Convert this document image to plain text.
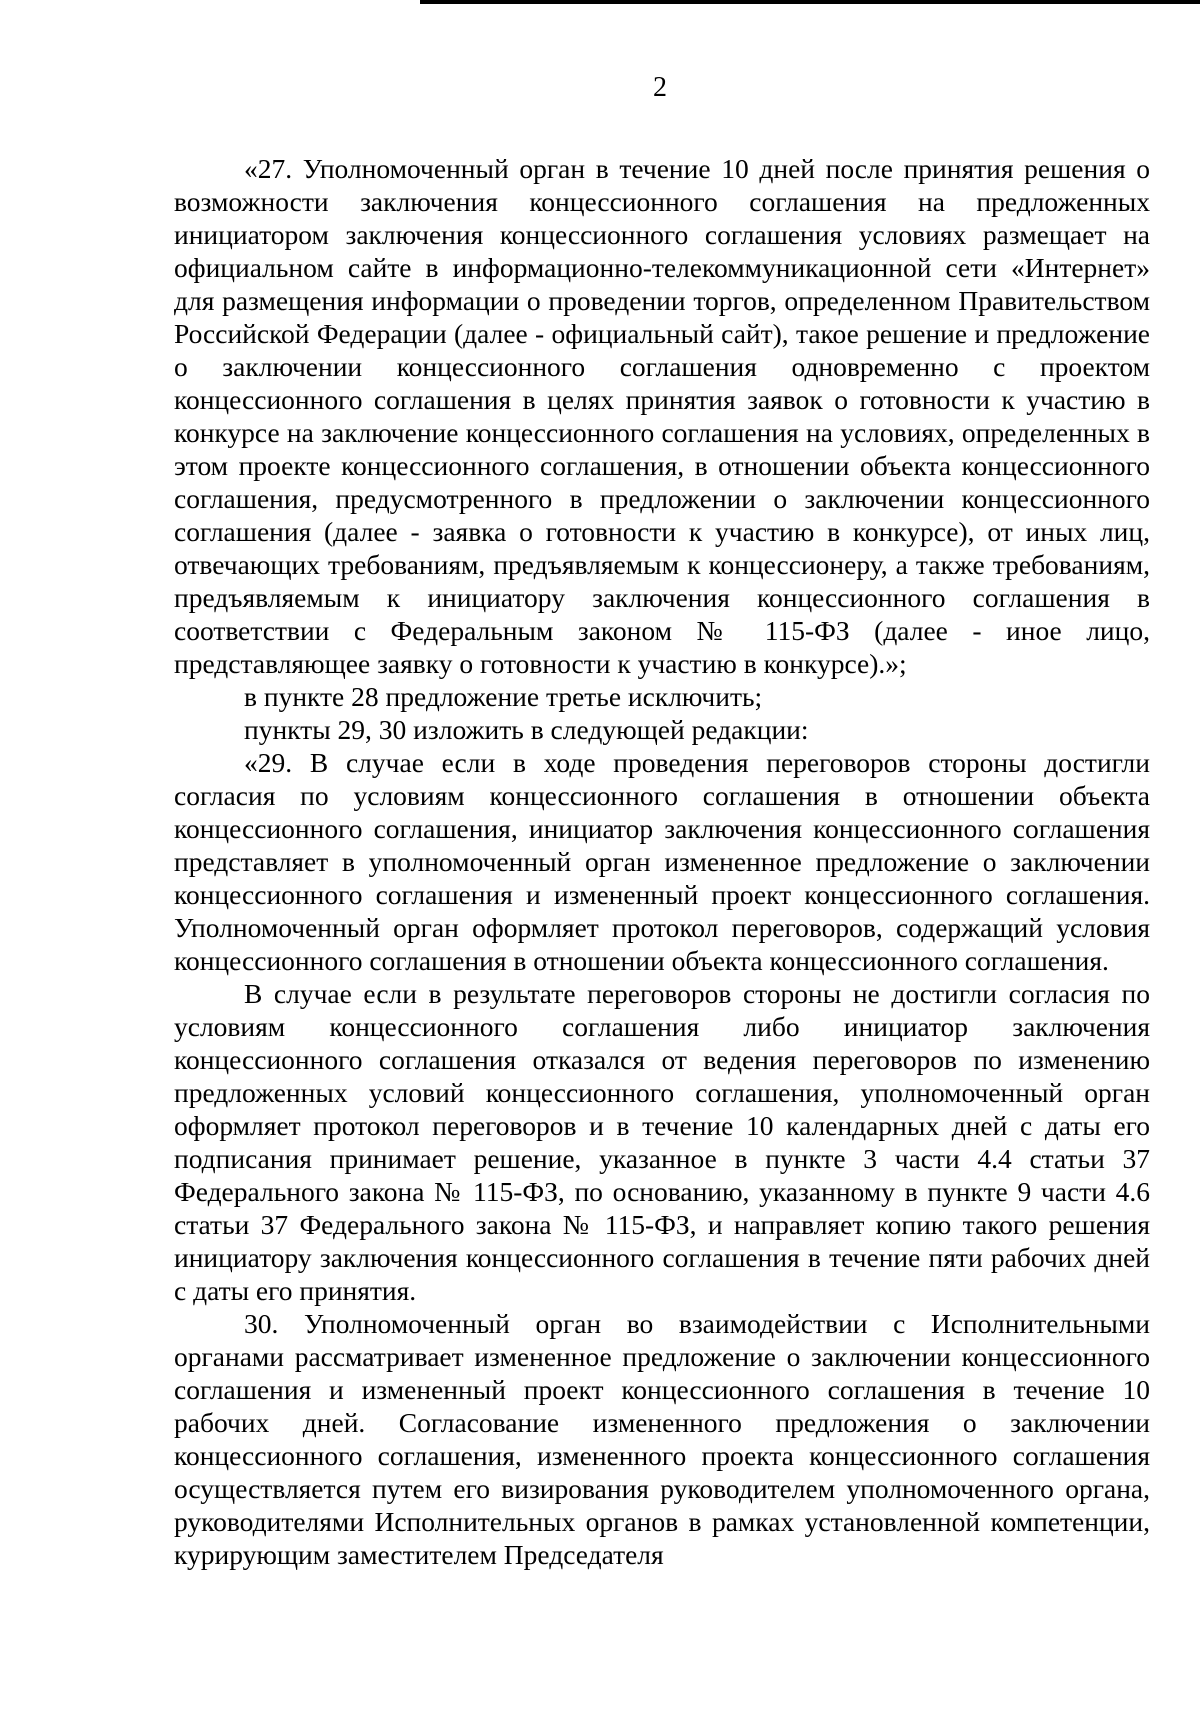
2

«27. Уполномоченный орган в течение 10 дней после принятия решения о возможности заключения концессионного соглашения на предложенных инициатором заключения концессионного соглашения условиях размещает на официальном сайте в информационно-телекоммуникационной сети «Интернет» для размещения информации о проведении торгов, определенном Правительством Российской Федерации (далее - официальный сайт), такое решение и предложение о заключении концессионного соглашения одновременно с проектом концессионного соглашения в целях принятия заявок о готовности к участию в конкурсе на заключение концессионного соглашения на условиях, определенных в этом проекте концессионного соглашения, в отношении объекта концессионного соглашения, предусмотренного в предложении о заключении концессионного соглашения (далее - заявка о готовности к участию в конкурсе), от иных лиц, отвечающих требованиям, предъявляемым к концессионеру, а также требованиям, предъявляемым к инициатору заключения концессионного соглашения в соответствии с Федеральным законом № 115-ФЗ (далее - иное лицо, представляющее заявку о готовности к участию в конкурсе).»;

в пункте 28 предложение третье исключить;

пункты 29, 30 изложить в следующей редакции:

«29. В случае если в ходе проведения переговоров стороны достигли согласия по условиям концессионного соглашения в отношении объекта концессионного соглашения, инициатор заключения концессионного соглашения представляет в уполномоченный орган измененное предложение о заключении концессионного соглашения и измененный проект концессионного соглашения. Уполномоченный орган оформляет протокол переговоров, содержащий условия концессионного соглашения в отношении объекта концессионного соглашения.

В случае если в результате переговоров стороны не достигли согласия по условиям концессионного соглашения либо инициатор заключения концессионного соглашения отказался от ведения переговоров по изменению предложенных условий концессионного соглашения, уполномоченный орган оформляет протокол переговоров и в течение 10 календарных дней с даты его подписания принимает решение, указанное в пункте 3 части 4.4 статьи 37 Федерального закона № 115-ФЗ, по основанию, указанному в пункте 9 части 4.6 статьи 37 Федерального закона № 115-ФЗ, и направляет копию такого решения инициатору заключения концессионного соглашения в течение пяти рабочих дней с даты его принятия.

30. Уполномоченный орган во взаимодействии с Исполнительными органами рассматривает измененное предложение о заключении концессионного соглашения и измененный проект концессионного соглашения в течение 10 рабочих дней. Согласование измененного предложения о заключении концессионного соглашения, измененного проекта концессионного соглашения осуществляется путем его визирования руководителем уполномоченного органа, руководителями Исполнительных органов в рамках установленной компетенции, курирующим заместителем Председателя
